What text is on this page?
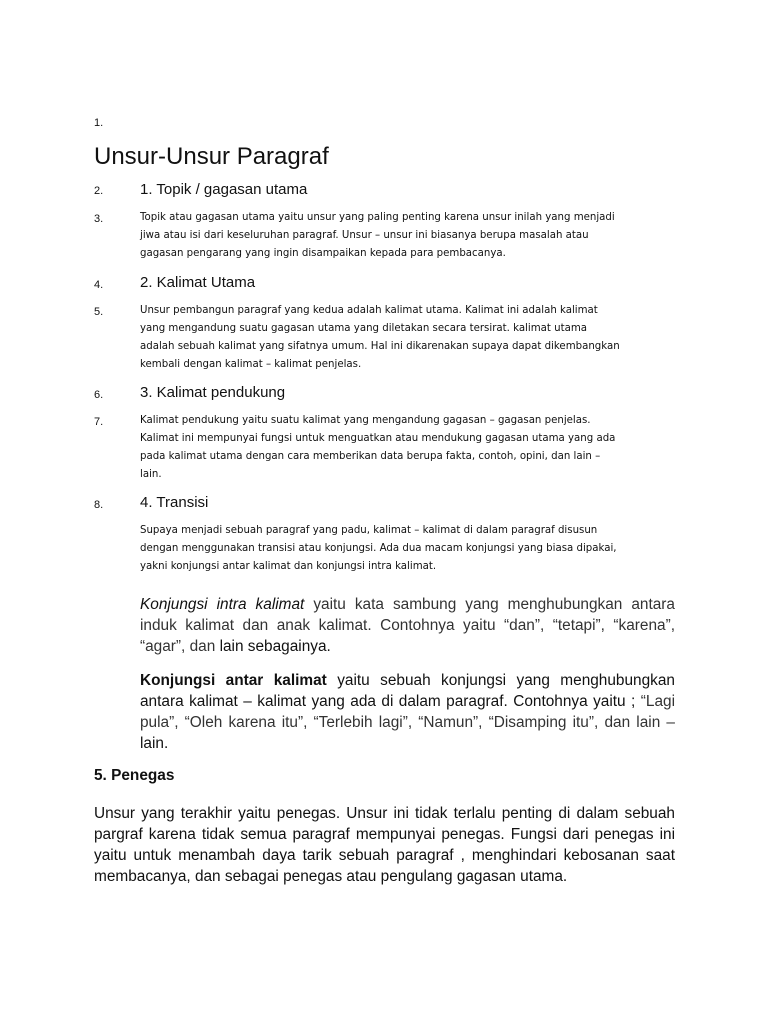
1.
2.
3.
4.
5.
6.
7.
8.
Unsur-Unsur Paragraf
1. Topik / gagasan utama

Topik atau gagasan utama yaitu unsur yang paling penting karena unsur inilah yang menjadi

jiwa atau isi dari keseluruhan paragraf. Unsur – unsur ini biasanya berupa masalah atau

gagasan pengarang yang ingin disampaikan kepada para pembacanya.

2. Kalimat Utama

Unsur pembangun paragraf yang kedua adalah kalimat utama. Kalimat ini adalah kalimat

yang mengandung suatu gagasan utama yang diletakan secara tersirat. kalimat utama

adalah sebuah kalimat yang sifatnya umum. Hal ini dikarenakan supaya dapat dikembangkan

kembali dengan kalimat – kalimat penjelas.

3. Kalimat pendukung

Kalimat pendukung yaitu suatu kalimat yang mengandung gagasan – gagasan penjelas.

Kalimat ini mempunyai fungsi untuk menguatkan atau mendukung gagasan utama yang ada

pada kalimat utama dengan cara memberikan data berupa fakta, contoh, opini, dan lain –

lain.

4. Transisi

Supaya menjadi sebuah paragraf yang padu, kalimat – kalimat di dalam paragraf disusun

dengan menggunakan transisi atau konjungsi. Ada dua macam konjungsi yang biasa dipakai,

yakni konjungsi antar kalimat dan konjungsi intra kalimat.

Konjungsi intra kalimat yaitu kata sambung yang menghubungkan antara induk kalimat dan anak kalimat. Contohnya yaitu “dan”, “tetapi”, “karena”, “agar”, dan lain sebagainya.

Konjungsi antar kalimat yaitu sebuah konjungsi yang menghubungkan antara kalimat – kalimat yang ada di dalam paragraf. Contohnya yaitu ; “Lagi pula”, “Oleh karena itu”, “Terlebih lagi”, “Namun”, “Disamping itu”, dan lain – lain.

5. Penegas
Unsur yang terakhir yaitu penegas. Unsur ini tidak terlalu penting di dalam sebuah pargraf karena tidak semua paragraf mempunyai penegas. Fungsi dari penegas ini yaitu untuk menambah daya tarik sebuah paragraf , menghindari kebosanan saat membacanya, dan sebagai penegas atau pengulang gagasan utama.
